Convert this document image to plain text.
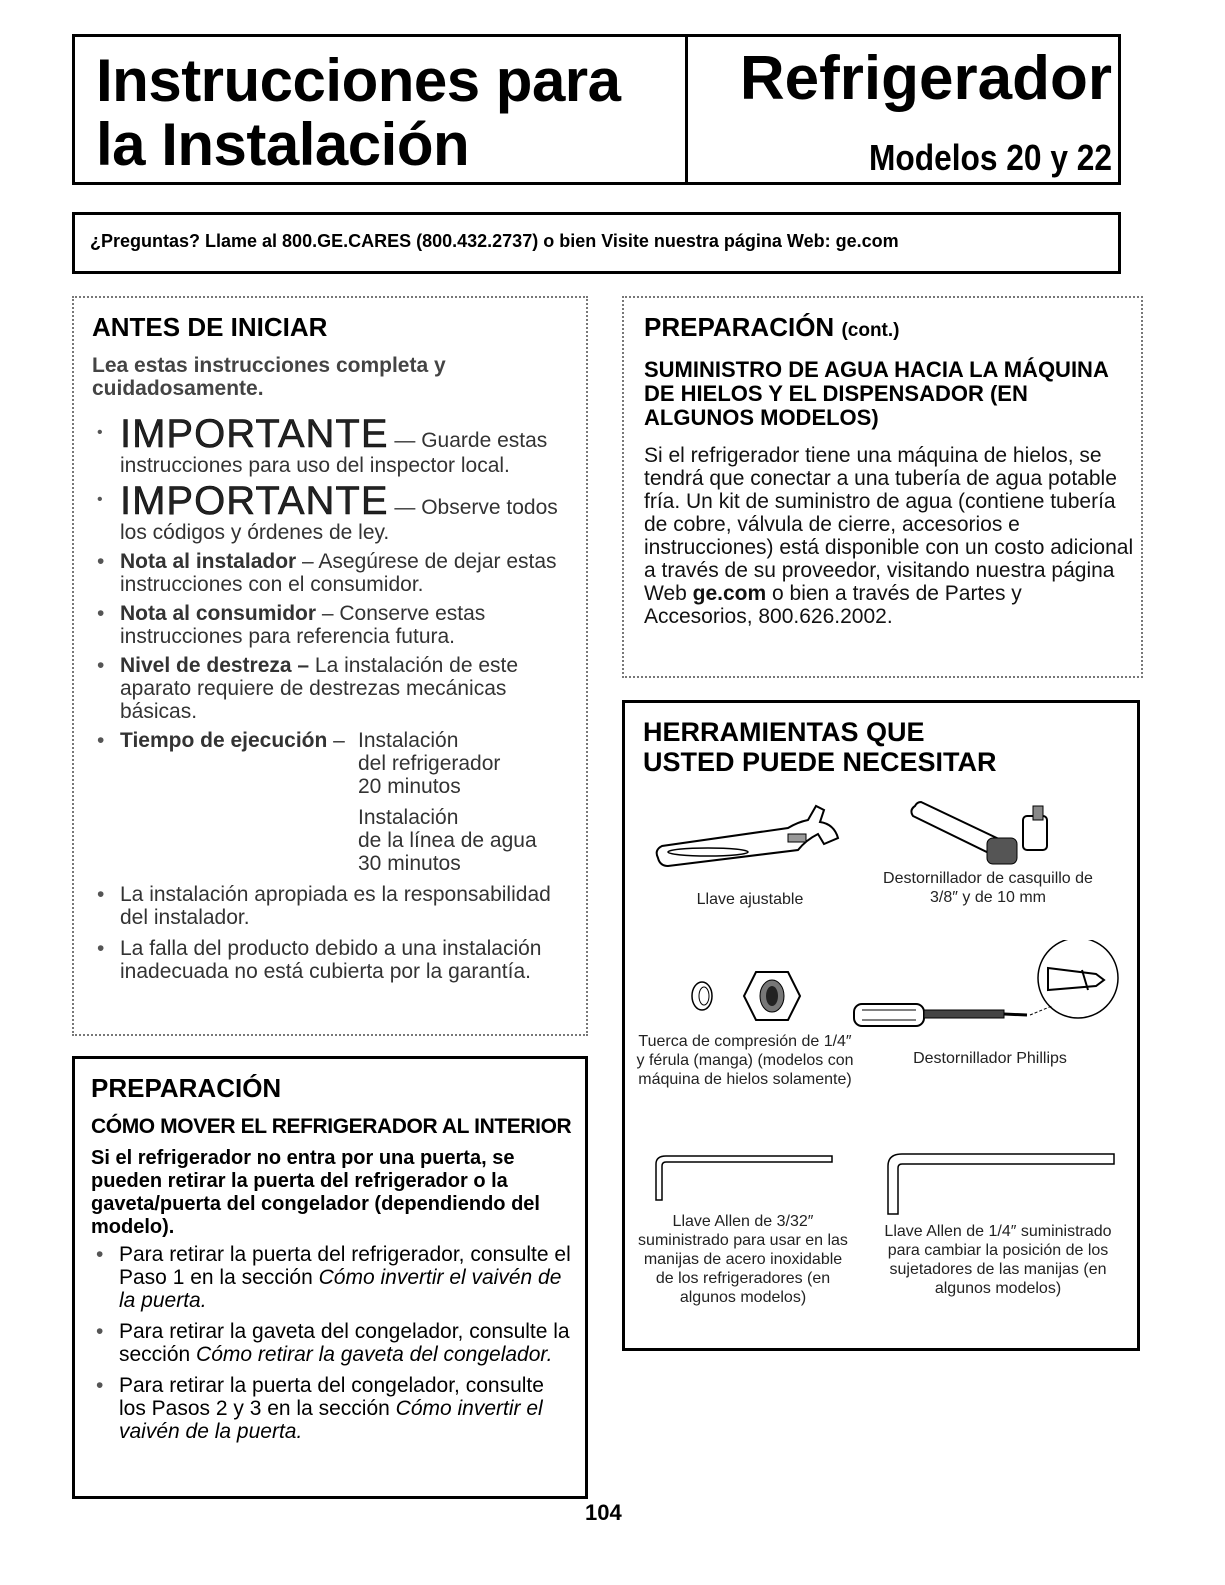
Instrucciones para
la Instalación
Refrigerador
Modelos 20 y 22
¿Preguntas? Llame al 800.GE.CARES (800.432.2737) o bien Visite nuestra página Web: ge.com
ANTES DE INICIAR
Lea estas instrucciones completa y cuidadosamente.
• IMPORTANTE — Guarde estas instrucciones para uso del inspector local.
• IMPORTANTE — Observe todos los códigos y órdenes de ley.
• Nota al instalador – Asegúrese de dejar estas instrucciones con el consumidor.
• Nota al consumidor – Conserve estas instrucciones para referencia futura.
• Nivel de destreza – La instalación de este aparato requiere de destrezas mecánicas básicas.
• Tiempo de ejecución – Instalación
del refrigerador
20 minutos
Instalación
de la línea de agua
30 minutos
• La instalación apropiada es la responsabilidad del instalador.
• La falla del producto debido a una instalación inadecuada no está cubierta por la garantía.
PREPARACIÓN
CÓMO MOVER EL REFRIGERADOR AL INTERIOR
Si el refrigerador no entra por una puerta, se pueden retirar la puerta del refrigerador o la gaveta/puerta del congelador (dependiendo del modelo).
• Para retirar la puerta del refrigerador, consulte el Paso 1 en la sección Cómo invertir el vaivén de la puerta.
• Para retirar la gaveta del congelador, consulte la sección Cómo retirar la gaveta del congelador.
• Para retirar la puerta del congelador, consulte los Pasos 2 y 3 en la sección Cómo invertir el vaivén de la puerta.
PREPARACIÓN (cont.)
SUMINISTRO DE AGUA HACIA LA MÁQUINA DE HIELOS Y EL DISPENSADOR (EN ALGUNOS MODELOS)
Si el refrigerador tiene una máquina de hielos, se tendrá que conectar a una tubería de agua potable fría. Un kit de suministro de agua (contiene tubería de cobre, válvula de cierre, accesorios e instrucciones) está disponible con un costo adicional a través de su proveedor, visitando nuestra página Web ge.com o bien a través de Partes y Accesorios, 800.626.2002.
HERRAMIENTAS QUE USTED PUEDE NECESITAR
Llave ajustable
Destornillador de casquillo de 3/8″ y de 10 mm
Tuerca de compresión de 1/4″ y férula (manga) (modelos con máquina de hielos solamente)
Destornillador Phillips
Llave Allen de 3/32″ suministrado para usar en las manijas de acero inoxidable de los refrigeradores (en algunos modelos)
Llave Allen de 1/4″ suministrado para cambiar la posición de los sujetadores de las manijas (en algunos modelos)
104
